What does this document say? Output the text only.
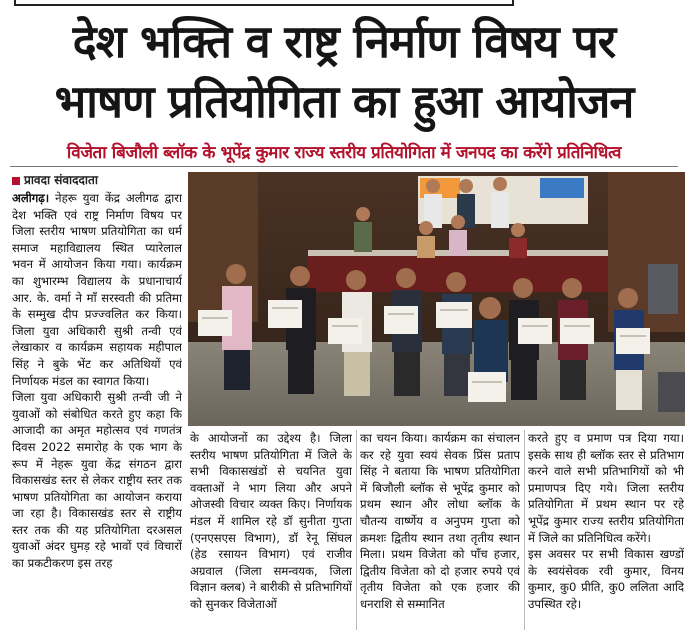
देश भक्ति व राष्ट्र निर्माण विषय पर
भाषण प्रतियोगिता का हुआ आयोजन
विजेता बिजौली ब्लॉक के भूपेंद्र कुमार राज्य स्तरीय प्रतियोगिता में जनपद का करेंगे प्रतिनिधित्व
प्रावदा संवाददाता

अलीगढ़। नेहरू युवा केंद्र अलीगढ द्वारा देश भक्ति एवं राष्ट्र निर्माण विषय पर जिला स्तरीय भाषण प्रतियोगिता का धर्म समाज महाविद्यालय स्थित प्यारेलाल भवन में आयोजन किया गया। कार्यक्रम का शुभारम्भ विद्यालय के प्रधानाचार्य आर. के. वर्मा ने माँ सरस्वती की प्रतिमा के सम्मुख दीप प्रज्ज्वलित कर किया। जिला युवा अधिकारी सुश्री तन्वी एवं लेखाकार व कार्यक्रम सहायक महीपाल सिंह ने बुके भेंट कर अतिथियों एवं निर्णायक मंडल का स्वागत किया।

जिला युवा अधिकारी सुश्री तन्वी जी ने युवाओं को संबोधित करते हुए कहा कि आजादी का अमृत महोत्सव एवं गणतंत्र दिवस 2022 समारोह के एक भाग के रूप में नेहरू युवा केंद्र संगठन द्वारा विकासखंड स्तर से लेकर राष्ट्रीय स्तर तक भाषण प्रतियोगिता का आयोजन कराया जा रहा है। विकासखंड स्तर से राष्ट्रीय स्तर तक की यह प्रतियोगिता दरअसल युवाओं अंदर घुमड़ रहे भावों एवं विचारों का प्रकटीकरण इस तरह

के आयोजनों का उद्देश्य है। जिला स्तरीय भाषण प्रतियोगिता में जिले के सभी विकासखंडों से चयनित युवा वक्ताओं ने भाग लिया और अपने ओजस्वी विचार व्यक्त किए। निर्णायक मंडल में शामिल रहे डॉ सुनीता गुप्ता (एनएसएस विभाग), डॉ रेनू सिंघल (हेड रसायन विभाग) एवं राजीव अग्रवाल (जिला समन्वयक, जिला विज्ञान क्लब) ने बारीकी से प्रतिभागियों को सुनकर विजेताओं

का चयन किया। कार्यक्रम का संचालन कर रहे युवा स्वयं सेवक प्रिंस प्रताप सिंह ने बताया कि भाषण प्रतियोगिता में बिजौली ब्लॉक से भूपेंद्र कुमार को प्रथम स्थान और लोधा ब्लॉक के चौतन्य वार्ष्णेय व अनुपम गुप्ता को क्रमशः द्वितीय स्थान तथा तृतीय स्थान मिला। प्रथम विजेता को पाँच हजार, द्वितीय विजेता को दो हजार रुपये एवं तृतीय विजेता को एक हजार की धनराशि से सम्मानित

करते हुए व प्रमाण पत्र दिया गया। इसके साथ ही ब्लॉक स्तर से प्रतिभाग करने वाले सभी प्रतिभागियों को भी प्रमाणपत्र दिए गये। जिला स्तरीय प्रतियोगिता में प्रथम स्थान पर रहे भूपेंद्र कुमार राज्य स्तरीय प्रतियोगिता में जिले का प्रतिनिधित्व करेंगे।

इस अवसर पर सभी विकास खण्डों के स्वयंसेवक रवी कुमार, विनय कुमार, कु0 प्रीति, कु0 ललिता आदि उपस्थित रहे।
